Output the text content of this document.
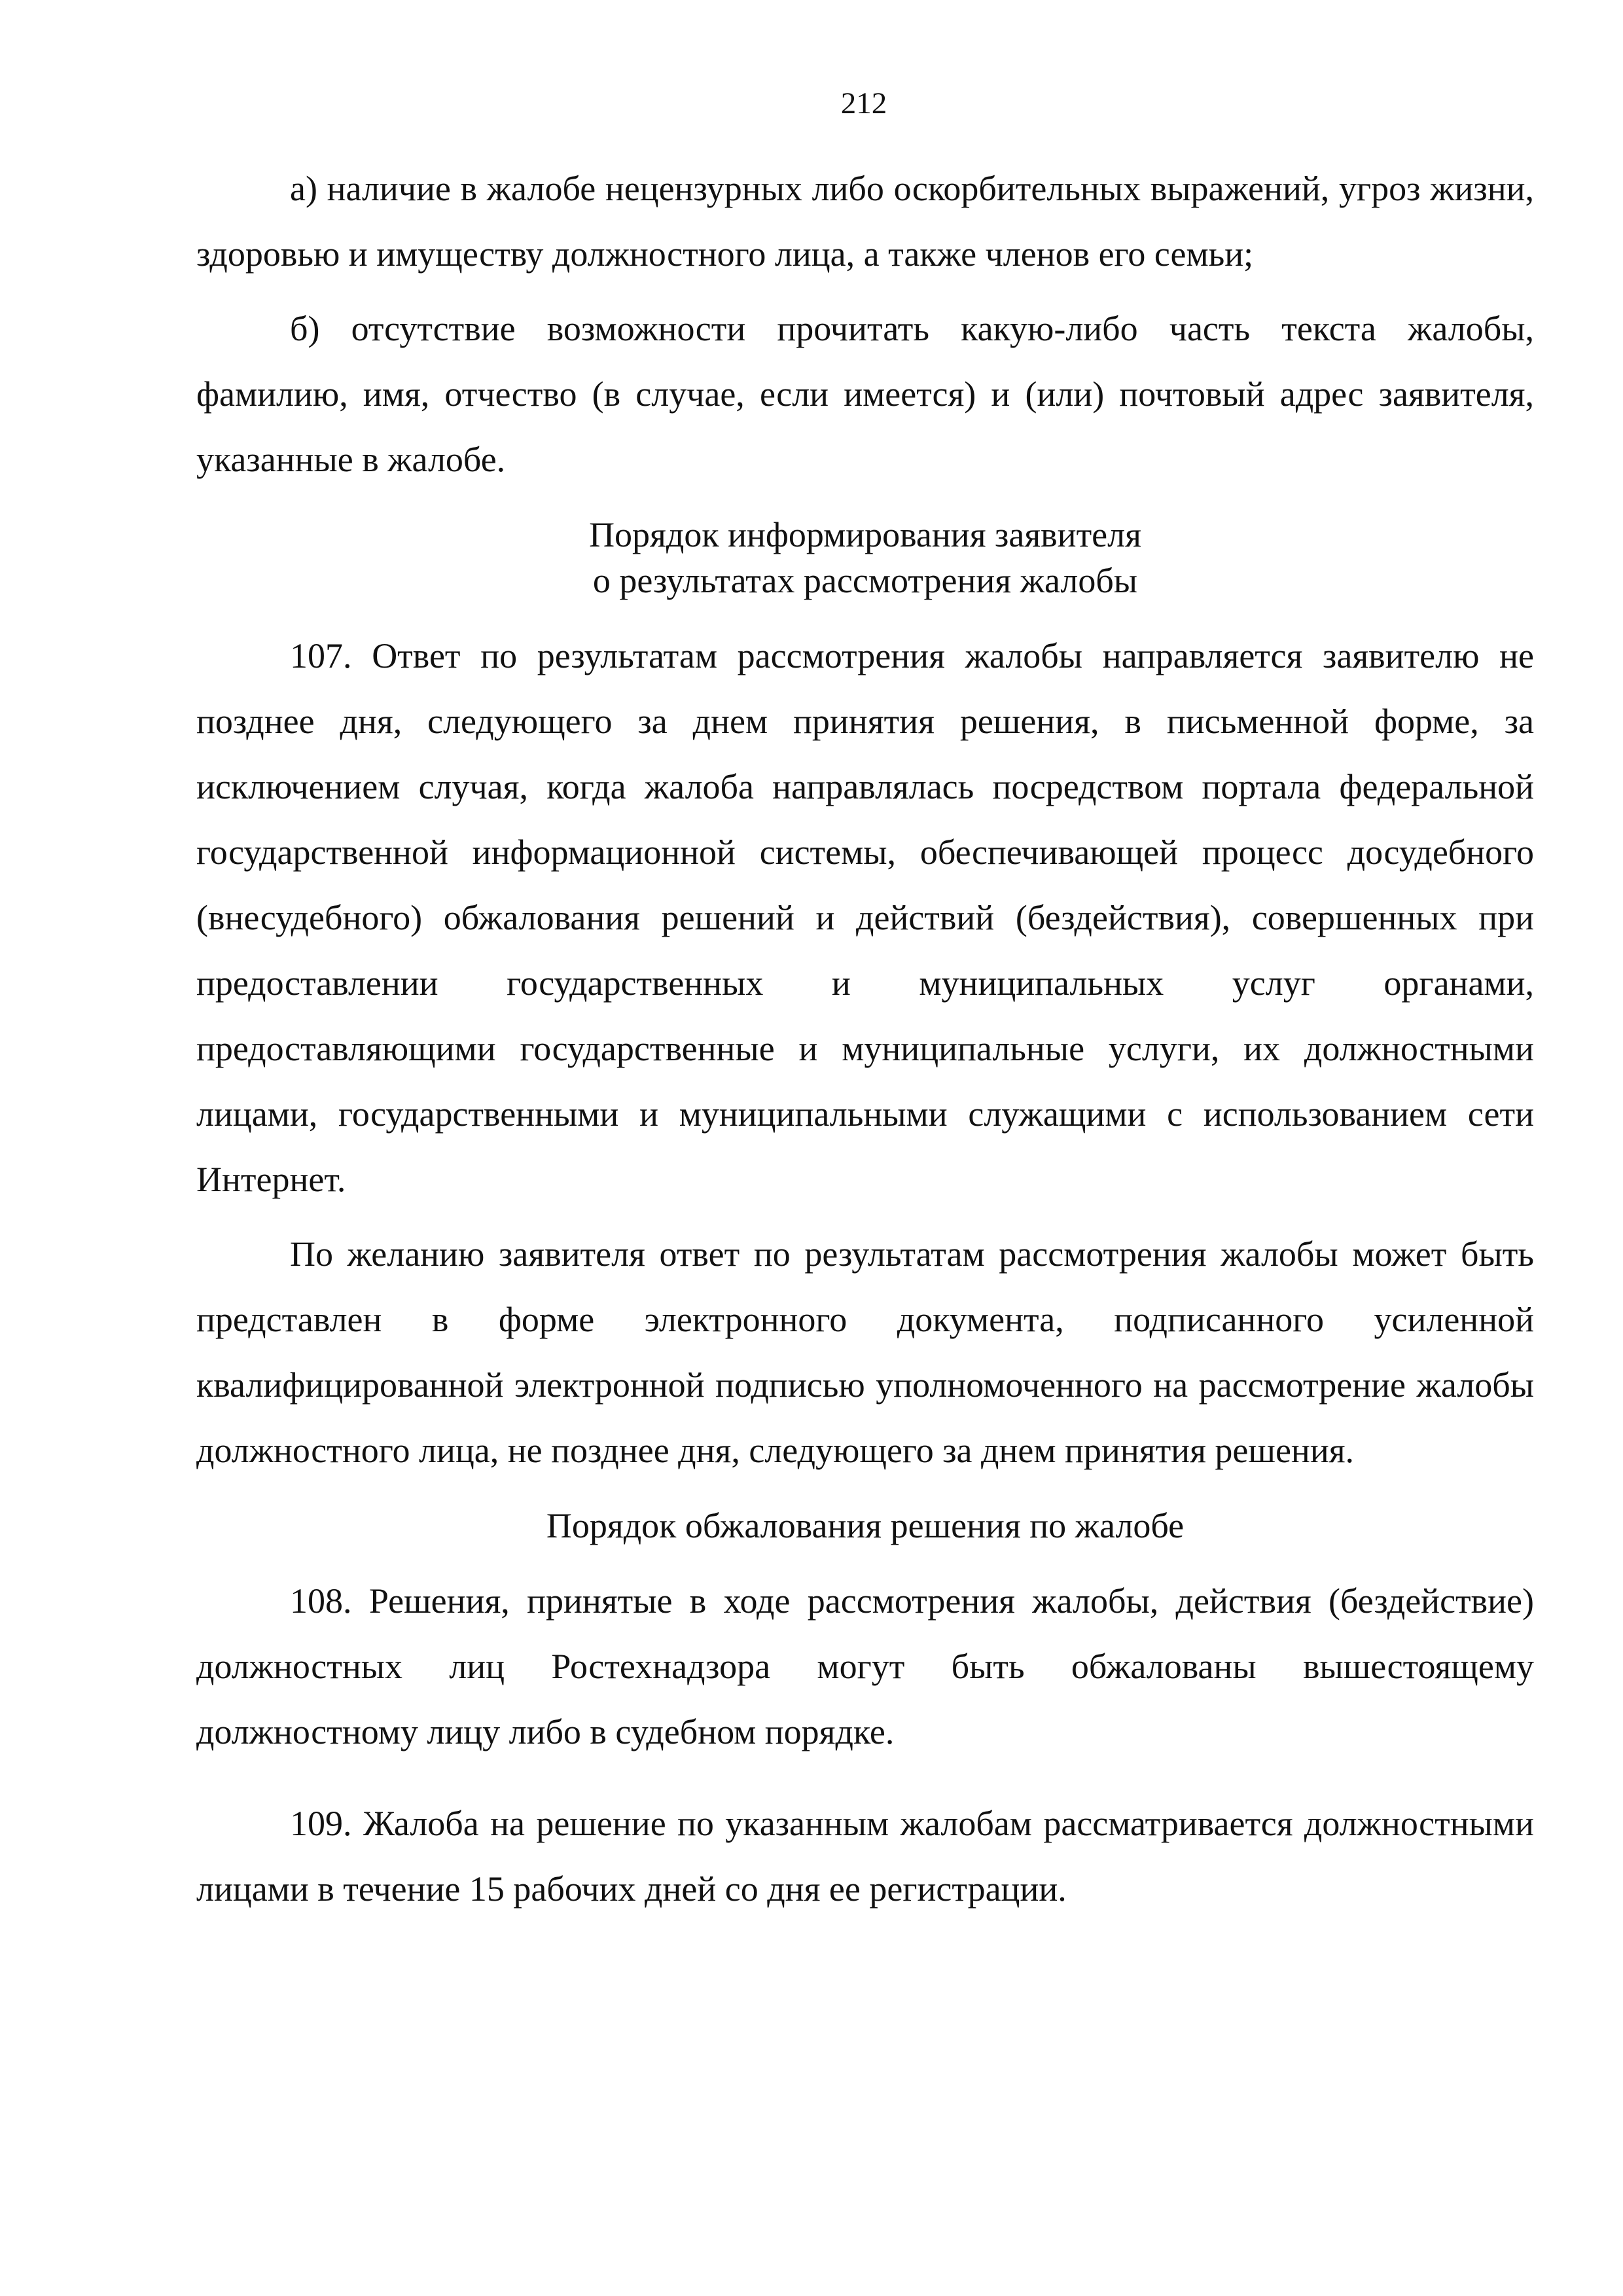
212

а) наличие в жалобе нецензурных либо оскорбительных выражений, угроз жизни, здоровью и имуществу должностного лица, а также членов его семьи;

б) отсутствие возможности прочитать какую-либо часть текста жалобы, фамилию, имя, отчество (в случае, если имеется) и (или) почтовый адрес заявителя, указанные в жалобе.

Порядок информирования заявителя
о результатах рассмотрения жалобы

107. Ответ по результатам рассмотрения жалобы направляется заявителю не позднее дня, следующего за днем принятия решения, в письменной форме, за исключением случая, когда жалоба направлялась посредством портала федеральной государственной информационной системы, обеспечивающей процесс досудебного (внесудебного) обжалования решений и действий (бездействия), совершенных при предоставлении государственных и муниципальных услуг органами, предоставляющими государственные и муниципальные услуги, их должностными лицами, государственными и муниципальными служащими с использованием сети Интернет.

По желанию заявителя ответ по результатам рассмотрения жалобы может быть представлен в форме электронного документа, подписанного усиленной квалифицированной электронной подписью уполномоченного на рассмотрение жалобы должностного лица, не позднее дня, следующего за днем принятия решения.

Порядок обжалования решения по жалобе

108. Решения, принятые в ходе рассмотрения жалобы, действия (бездействие) должностных лиц Ростехнадзора могут быть обжалованы вышестоящему должностному лицу либо в судебном порядке.

109. Жалоба на решение по указанным жалобам рассматривается должностными лицами в течение 15 рабочих дней со дня ее регистрации.
